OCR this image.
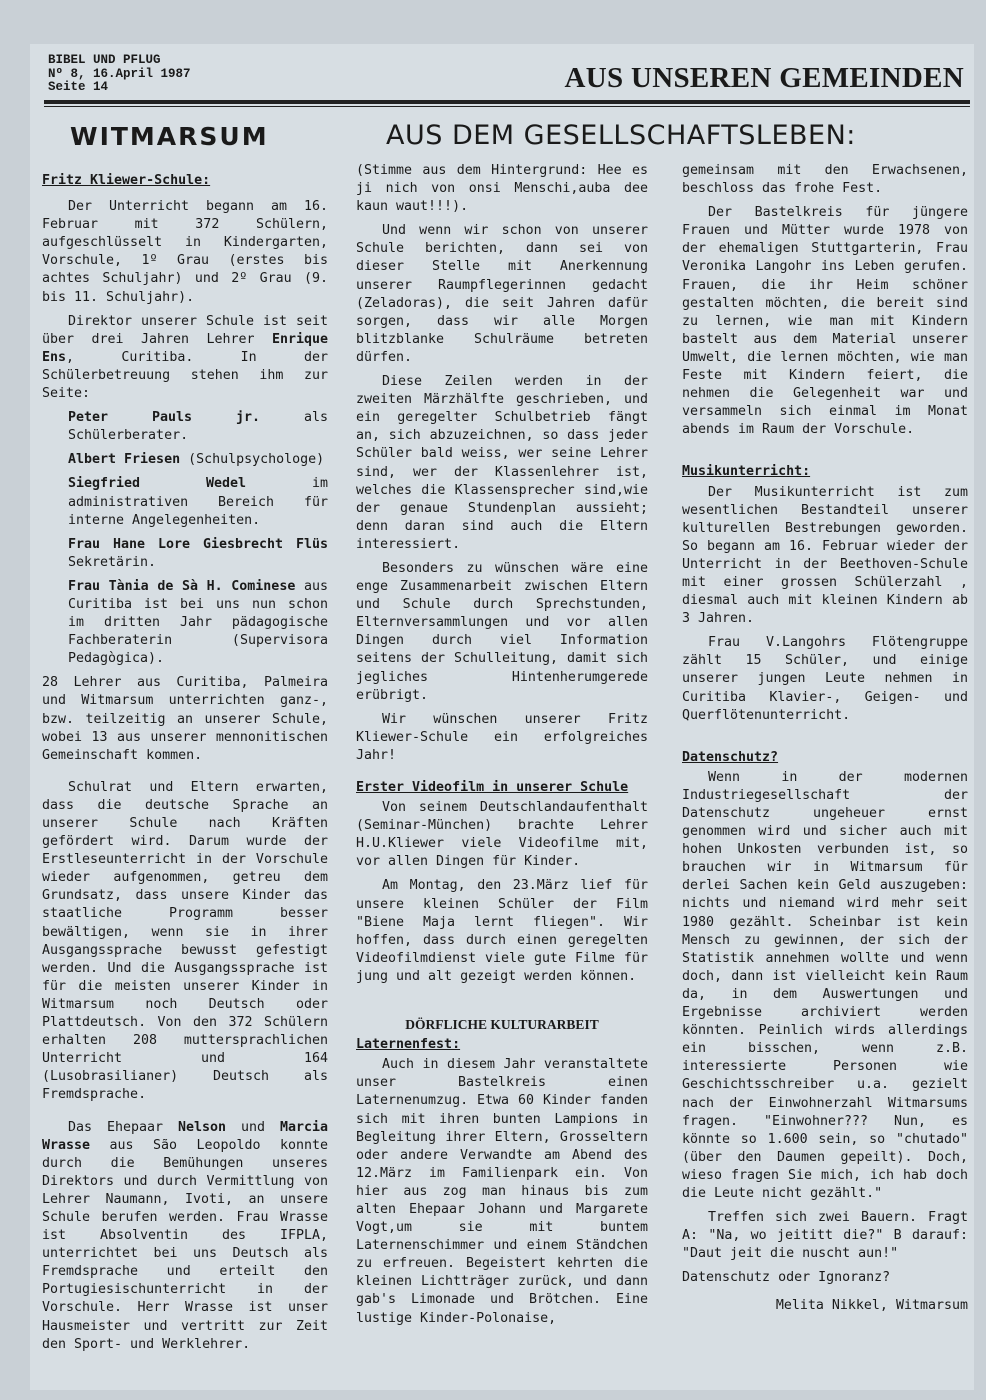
BIBEL UND PFLUG
Nº 8, 16.April 1987
Seite 14	AUS UNSEREN GEMEINDEN
WITMARSUM	AUS DEM GESELLSCHAFTSLEBEN:
Fritz Kliewer-Schule:

Der Unterricht begann am 16. Februar mit 372 Schülern, aufgeschlüsselt in Kindergarten, Vorschule, 1º Grau (erstes bis achtes Schuljahr) und 2º Grau (9. bis 11. Schuljahr).

Direktor unserer Schule ist seit über drei Jahren Lehrer Enrique Ens, Curitiba. In der Schülerbetreuung stehen ihm zur Seite:

Peter Pauls jr. als Schülerberater.

Albert Friesen (Schulpsychologe)

Siegfried Wedel im administrativen Bereich für interne Angelegenheiten.

Frau Hane Lore Giesbrecht Flüs Sekretärin.

Frau Tània de Sà H. Cominese aus Curitiba ist bei uns nun schon im dritten Jahr pädagogische Fachberaterin (Supervisora Pedagògica).

28 Lehrer aus Curitiba, Palmeira und Witmarsum unterrichten ganz-, bzw. teilzeitig an unserer Schule, wobei 13 aus unserer mennonitischen Gemeinschaft kommen.

Schulrat und Eltern erwarten, dass die deutsche Sprache an unserer Schule nach Kräften gefördert wird. Darum wurde der Erstleseunterricht in der Vorschule wieder aufgenommen, getreu dem Grundsatz, dass unsere Kinder das staatliche Programm besser bewältigen, wenn sie in ihrer Ausgangssprache bewusst gefestigt werden. Und die Ausgangssprache ist für die meisten unserer Kinder in Witmarsum noch Deutsch oder Plattdeutsch. Von den 372 Schülern erhalten 208 muttersprachlichen Unterricht und 164 (Lusobrasilianer) Deutsch als Fremdsprache.

Das Ehepaar Nelson und Marcia Wrasse aus São Leopoldo konnte durch die Bemühungen unseres Direktors und durch Vermittlung von Lehrer Naumann, Ivoti, an unsere Schule berufen werden. Frau Wrasse ist Absolventin des IFPLA, unterrichtet bei uns Deutsch als Fremdsprache und erteilt den Portugiesischunterricht in der Vorschule. Herr Wrasse ist unser Hausmeister und vertritt zur Zeit den Sport- und Werklehrer.

(Stimme aus dem Hintergrund: Hee es ji nich von onsi Menschi,auba dee kaun waut!!!).

Und wenn wir schon von unserer Schule berichten, dann sei von dieser Stelle mit Anerkennung unserer Raumpflegerinnen gedacht (Zeladoras), die seit Jahren dafür sorgen, dass wir alle Morgen blitzblanke Schulräume betreten dürfen.

Diese Zeilen werden in der zweiten Märzhälfte geschrieben, und ein geregelter Schulbetrieb fängt an, sich abzuzeichnen, so dass jeder Schüler bald weiss, wer seine Lehrer sind, wer der Klassenlehrer ist, welches die Klassensprecher sind,wie der genaue Stundenplan aussieht; denn daran sind auch die Eltern interessiert.

Besonders zu wünschen wäre eine enge Zusammenarbeit zwischen Eltern und Schule durch Sprechstunden, Elternversammlungen und vor allen Dingen durch viel Information seitens der Schulleitung, damit sich jegliches Hintenherumgerede erübrigt.

Wir wünschen unserer Fritz Kliewer-Schule ein erfolgreiches Jahr!

Erster Videofilm in unserer Schule

Von seinem Deutschlandaufenthalt (Seminar-München) brachte Lehrer H.U.Kliewer viele Videofilme mit, vor allen Dingen für Kinder.

Am Montag, den 23.März lief für unsere kleinen Schüler der Film "Biene Maja lernt fliegen". Wir hoffen, dass durch einen geregelten Videofilmdienst viele gute Filme für jung und alt gezeigt werden können.

DÖRFLICHE KULTURARBEIT
Laternenfest:

Auch in diesem Jahr veranstaltete unser Bastelkreis einen Laternenumzug. Etwa 60 Kinder fanden sich mit ihren bunten Lampions in Begleitung ihrer Eltern, Grosseltern oder andere Verwandte am Abend des 12.März im Familienpark ein. Von hier aus zog man hinaus bis zum alten Ehepaar Johann und Margarete Vogt,um sie mit buntem Laternenschimmer und einem Ständchen zu erfreuen. Begeistert kehrten die kleinen Lichtträger zurück, und dann gab's Limonade und Brötchen. Eine lustige Kinder-Polonaise,

gemeinsam mit den Erwachsenen, beschloss das frohe Fest.

Der Bastelkreis für jüngere Frauen und Mütter wurde 1978 von der ehemaligen Stuttgarterin, Frau Veronika Langohr ins Leben gerufen. Frauen, die ihr Heim schöner gestalten möchten, die bereit sind zu lernen, wie man mit Kindern bastelt aus dem Material unserer Umwelt, die lernen möchten, wie man Feste mit Kindern feiert, die nehmen die Gelegenheit war und versammeln sich einmal im Monat abends im Raum der Vorschule.

Musikunterricht:

Der Musikunterricht ist zum wesentlichen Bestandteil unserer kulturellen Bestrebungen geworden. So begann am 16. Februar wieder der Unterricht in der Beethoven-Schule mit einer grossen Schülerzahl , diesmal auch mit kleinen Kindern ab 3 Jahren.

Frau V.Langohrs Flötengruppe zählt 15 Schüler, und einige unserer jungen Leute nehmen in Curitiba Klavier-, Geigen- und Querflötenunterricht.

Datenschutz?

Wenn in der modernen Industriegesellschaft der Datenschutz ungeheuer ernst genommen wird und sicher auch mit hohen Unkosten verbunden ist, so brauchen wir in Witmarsum für derlei Sachen kein Geld auszugeben: nichts und niemand wird mehr seit 1980 gezählt. Scheinbar ist kein Mensch zu gewinnen, der sich der Statistik annehmen wollte und wenn doch, dann ist vielleicht kein Raum da, in dem Auswertungen und Ergebnisse archiviert werden könnten. Peinlich wirds allerdings ein bisschen, wenn z.B. interessierte Personen wie Geschichtsschreiber u.a. gezielt nach der Einwohnerzahl Witmarsums fragen. "Einwohner??? Nun, es könnte so 1.600 sein, so "chutado" (über den Daumen gepeilt). Doch, wieso fragen Sie mich, ich hab doch die Leute nicht gezählt."

Treffen sich zwei Bauern. Fragt A: "Na, wo jeititt die?" B darauf: "Daut jeit die nuscht aun!"

Datenschutz oder Ignoranz?

Melita Nikkel, Witmarsum
